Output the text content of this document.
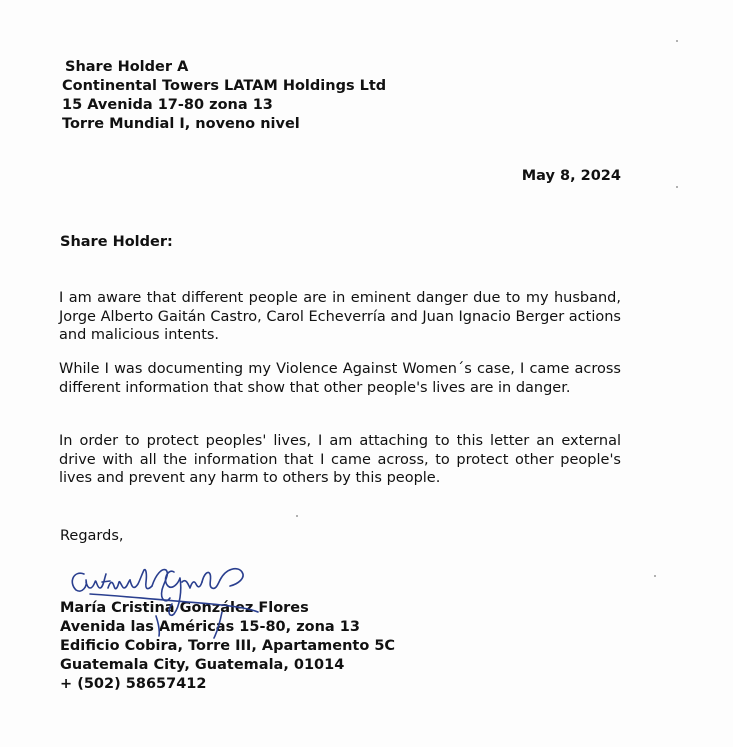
Share Holder A
Continental Towers LATAM Holdings Ltd
15 Avenida 17-80 zona 13
Torre Mundial I, noveno nivel
May 8, 2024
Share Holder:

I am aware that different people are in eminent danger due to my husband, Jorge Alberto Gaitán Castro, Carol Echeverría and Juan Ignacio Berger actions and malicious intents.

While I was documenting my Violence Against Women´s case, I came across different information that show that other people's lives are in danger.

In order to protect peoples' lives, I am attaching to this letter an external drive with all the information that I came across, to protect other people's lives and prevent any harm to others by this people.

Regards,
María Cristina González Flores
Avenida las Américas 15-80, zona 13
Edificio Cobira, Torre III, Apartamento 5C
Guatemala City, Guatemala, 01014
+ (502) 58657412
